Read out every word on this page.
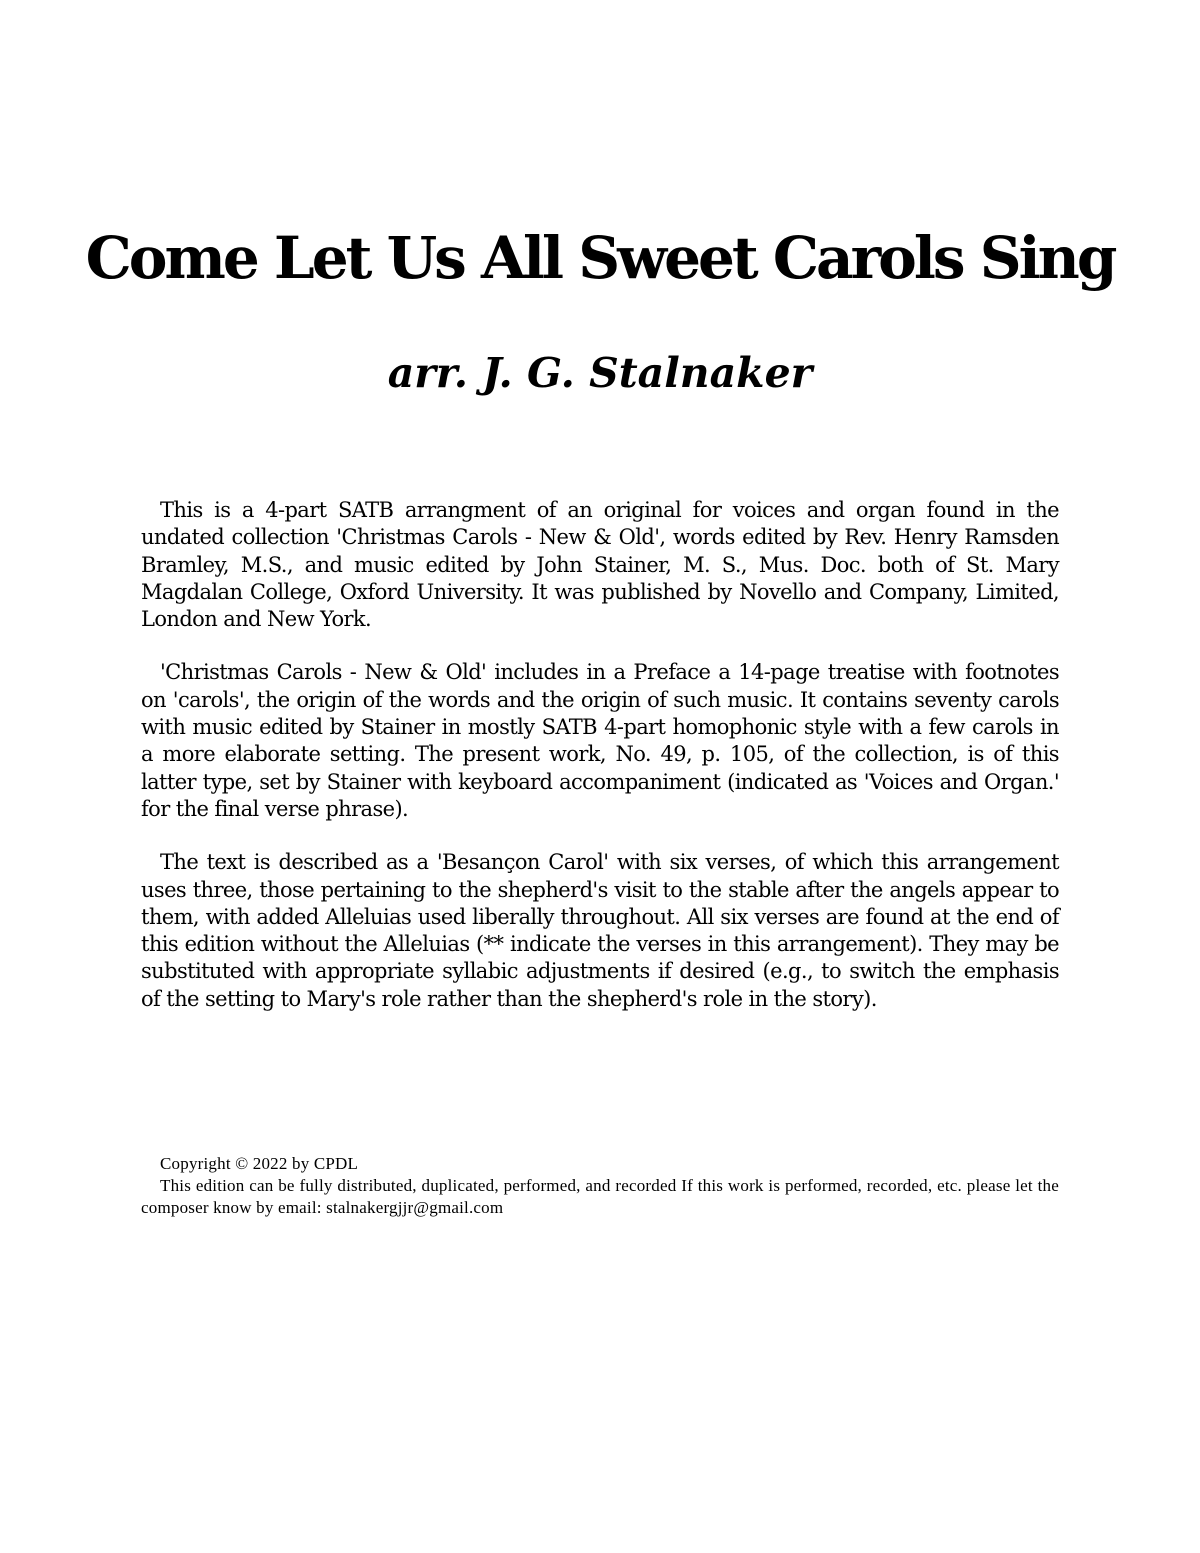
Come Let Us All Sweet Carols Sing
arr. J. G. Stalnaker

This is a 4-part SATB arrangment of an original for voices and organ found in the undated collection 'Christmas Carols - New & Old', words edited by Rev. Henry Ramsden Bramley, M.S., and music edited by John Stainer, M. S., Mus. Doc. both of St. Mary Magdalan College, Oxford University. It was published by Novello and Company, Limited, London and New York.

'Christmas Carols - New & Old' includes in a Preface a 14-page treatise with footnotes on 'carols', the origin of the words and the origin of such music. It contains seventy carols with music edited by Stainer in mostly SATB 4-part homophonic style with a few carols in a more elaborate setting. The present work, No. 49, p. 105, of the collection, is of this latter type, set by Stainer with keyboard accompaniment (indicated as 'Voices and Organ.' for the final verse phrase).

The text is described as a 'Besançon Carol' with six verses, of which this arrangement uses three, those pertaining to the shepherd's visit to the stable after the angels appear to them, with added Alleluias used liberally throughout. All six verses are found at the end of this edition without the Alleluias (** indicate the verses in this arrangement). They may be substituted with appropriate syllabic adjustments if desired (e.g., to switch the emphasis of the setting to Mary's role rather than the shepherd's role in the story).

Copyright © 2022 by CPDL

This edition can be fully distributed, duplicated, performed, and recorded If this work is performed, recorded, etc. please let the composer know by email: stalnakergjjr@gmail.com
